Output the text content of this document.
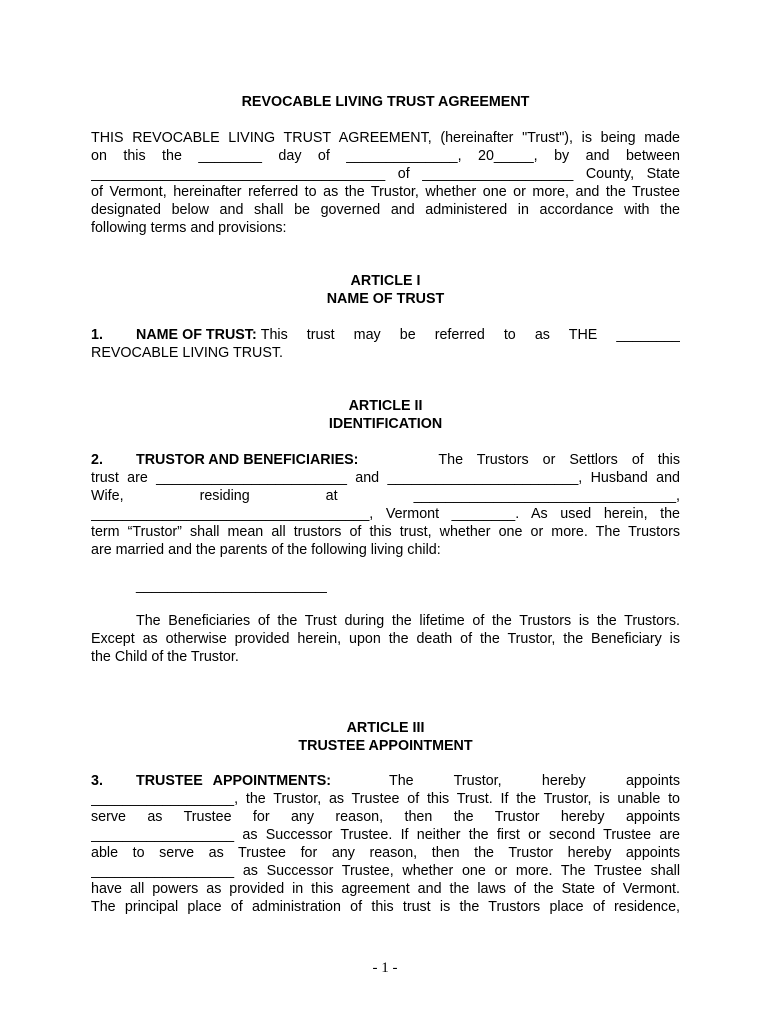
REVOCABLE LIVING TRUST AGREEMENT
THIS REVOCABLE LIVING TRUST AGREEMENT, (hereinafter "Trust"), is being made
on this the ________ day of ______________, 20_____, by and between
_____________________________________ of ___________________ County, State
of Vermont, hereinafter referred to as the Trustor, whether one or more, and the Trustee
designated below and shall be governed and administered in accordance with the
following terms and provisions:
ARTICLE I
NAME OF TRUST
1.	NAME OF TRUST: This trust may be referred to as THE ________
REVOCABLE LIVING TRUST.
ARTICLE II
IDENTIFICATION
2.	TRUSTOR AND BENEFICIARIES:	The Trustors or Settlors of this
trust are ________________________ and ________________________, Husband and
Wife, residing at _________________________________,
___________________________________, Vermont ________. As used herein, the
term “Trustor” shall mean all trustors of this trust, whether one or more. The Trustors
are married and the parents of the following living child:
________________________
The Beneficiaries of the Trust during the lifetime of the Trustors is the Trustors.
Except as otherwise provided herein, upon the death of the Trustor, the Beneficiary is
the Child of the Trustor.
ARTICLE III
TRUSTEE APPOINTMENT
3.	TRUSTEE APPOINTMENTS:	The Trustor, hereby appoints
__________________, the Trustor, as Trustee of this Trust. If the Trustor, is unable to
serve as Trustee for any reason, then the Trustor hereby appoints
__________________ as Successor Trustee. If neither the first or second Trustee are
able to serve as Trustee for any reason, then the Trustor hereby appoints
__________________ as Successor Trustee, whether one or more. The Trustee shall
have all powers as provided in this agreement and the laws of the State of Vermont.
The principal place of administration of this trust is the Trustors place of residence,
- 1 -
